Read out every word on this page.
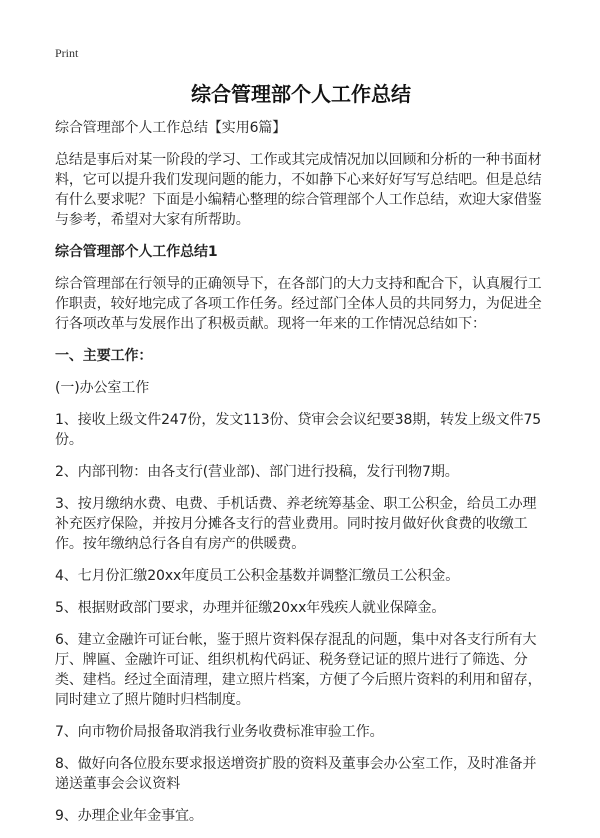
Print
综合管理部个人工作总结

综合管理部个人工作总结【实用6篇】

总结是事后对某一阶段的学习、工作或其完成情况加以回顾和分析的一种书面材料，它可以提升我们发现问题的能力，不如静下心来好好写写总结吧。但是总结有什么要求呢？下面是小编精心整理的综合管理部个人工作总结，欢迎大家借鉴与参考，希望对大家有所帮助。

综合管理部个人工作总结1

综合管理部在行领导的正确领导下，在各部门的大力支持和配合下，认真履行工作职责，较好地完成了各项工作任务。经过部门全体人员的共同努力，为促进全行各项改革与发展作出了积极贡献。现将一年来的工作情况总结如下：

一、主要工作：

(一)办公室工作

1、接收上级文件247份，发文113份、贷审会会议纪要38期，转发上级文件75份。

2、内部刊物：由各支行(营业部)、部门进行投稿，发行刊物7期。

3、按月缴纳水费、电费、手机话费、养老统筹基金、职工公积金，给员工办理补充医疗保险，并按月分摊各支行的营业费用。同时按月做好伙食费的收缴工作。按年缴纳总行各自有房产的供暖费。

4、七月份汇缴20xx年度员工公积金基数并调整汇缴员工公积金。

5、根据财政部门要求，办理并征缴20xx年残疾人就业保障金。

6、建立金融许可证台帐，鉴于照片资料保存混乱的问题，集中对各支行所有大厅、牌匾、金融许可证、组织机构代码证、税务登记证的照片进行了筛选、分类、建档。经过全面清理，建立照片档案，方便了今后照片资料的利用和留存，同时建立了照片随时归档制度。

7、向市物价局报备取消我行业务收费标准审验工作。

8、做好向各位股东要求报送增资扩股的资料及董事会办公室工作，及时准备并递送董事会会议资料

9、办理企业年金事宜。
